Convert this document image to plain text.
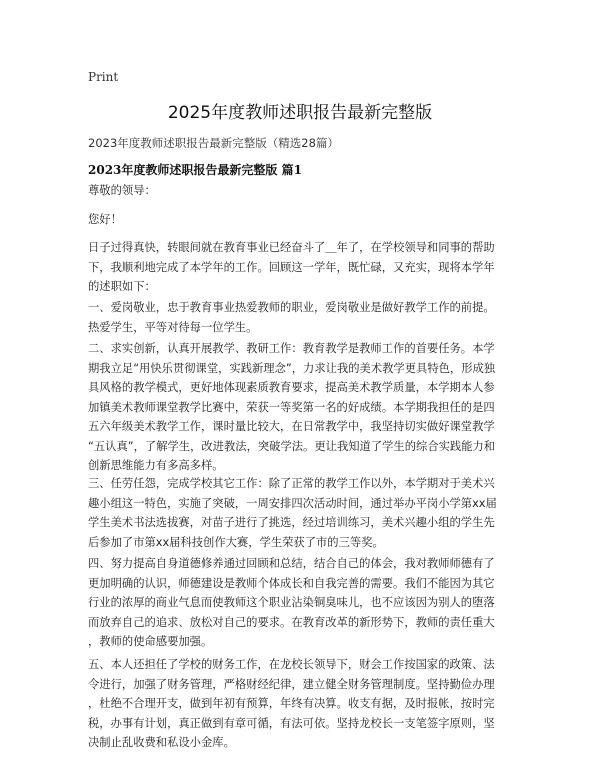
Print
2025年度教师述职报告最新完整版
2023年度教师述职报告最新完整版（精选28篇）
2023年度教师述职报告最新完整版 篇1

尊敬的领导：

您好！

日子过得真快，转眼间就在教育事业已经奋斗了＿年了，在学校领导和同事的帮助
下，我顺利地完成了本学年的工作。回顾这一学年，既忙碌，又充实，现将本学年
的述职如下：

一、爱岗敬业，忠于教育事业热爱教师的职业，爱岗敬业是做好教学工作的前提。
热爱学生，平等对待每一位学生。

二、求实创新，认真开展教学、教研工作：教育教学是教师工作的首要任务。本学
期我立足“用快乐贯彻课堂，实践新理念”，力求让我的美术教学更具特色，形成独
具风格的教学模式，更好地体现素质教育要求，提高美术教学质量，本学期本人参
加镇美术教师课堂教学比赛中，荣获一等奖第一名的好成绩。本学期我担任的是四
五六年级美术教学工作，课时量比较大，在日常教学中，我坚持切实做好课堂教学
“五认真”，了解学生，改进教法，突破学法。更让我知道了学生的综合实践能力和
创新思维能力有多高多样。

三、任劳任怨，完成学校其它工作：除了正常的教学工作以外，本学期对于美术兴
趣小组这一特色，实施了突破，一周安排四次活动时间，通过举办平岗小学第xx届
学生美术书法选拔赛，对苗子进行了挑选，经过培训练习，美术兴趣小组的学生先
后参加了市第xx届科技创作大赛，学生荣获了市的三等奖。

四、努力提高自身道德修养通过回顾和总结，结合自己的体会，我对教师师德有了
更加明确的认识，师德建设是教师个体成长和自我完善的需要。我们不能因为其它
行业的浓厚的商业气息而使教师这个职业沾染铜臭味儿，也不应该因为别人的堕落
而放弃自己的追求、放松对自己的要求。在教育改革的新形势下，教师的责任重大
，教师的使命感要加强。

五、本人还担任了学校的财务工作，在龙校长领导下，财会工作按国家的政策、法
令进行，加强了财务管理，严格财经纪律，建立健全财务管理制度。坚持勤俭办理
，杜绝不合理开支，做到年初有预算，年终有决算。收支有据，及时报帐，按时完
税，办事有计划，真正做到有章可循，有法可依。坚持龙校长一支笔签字原则，坚
决制止乱收费和私设小金库。
